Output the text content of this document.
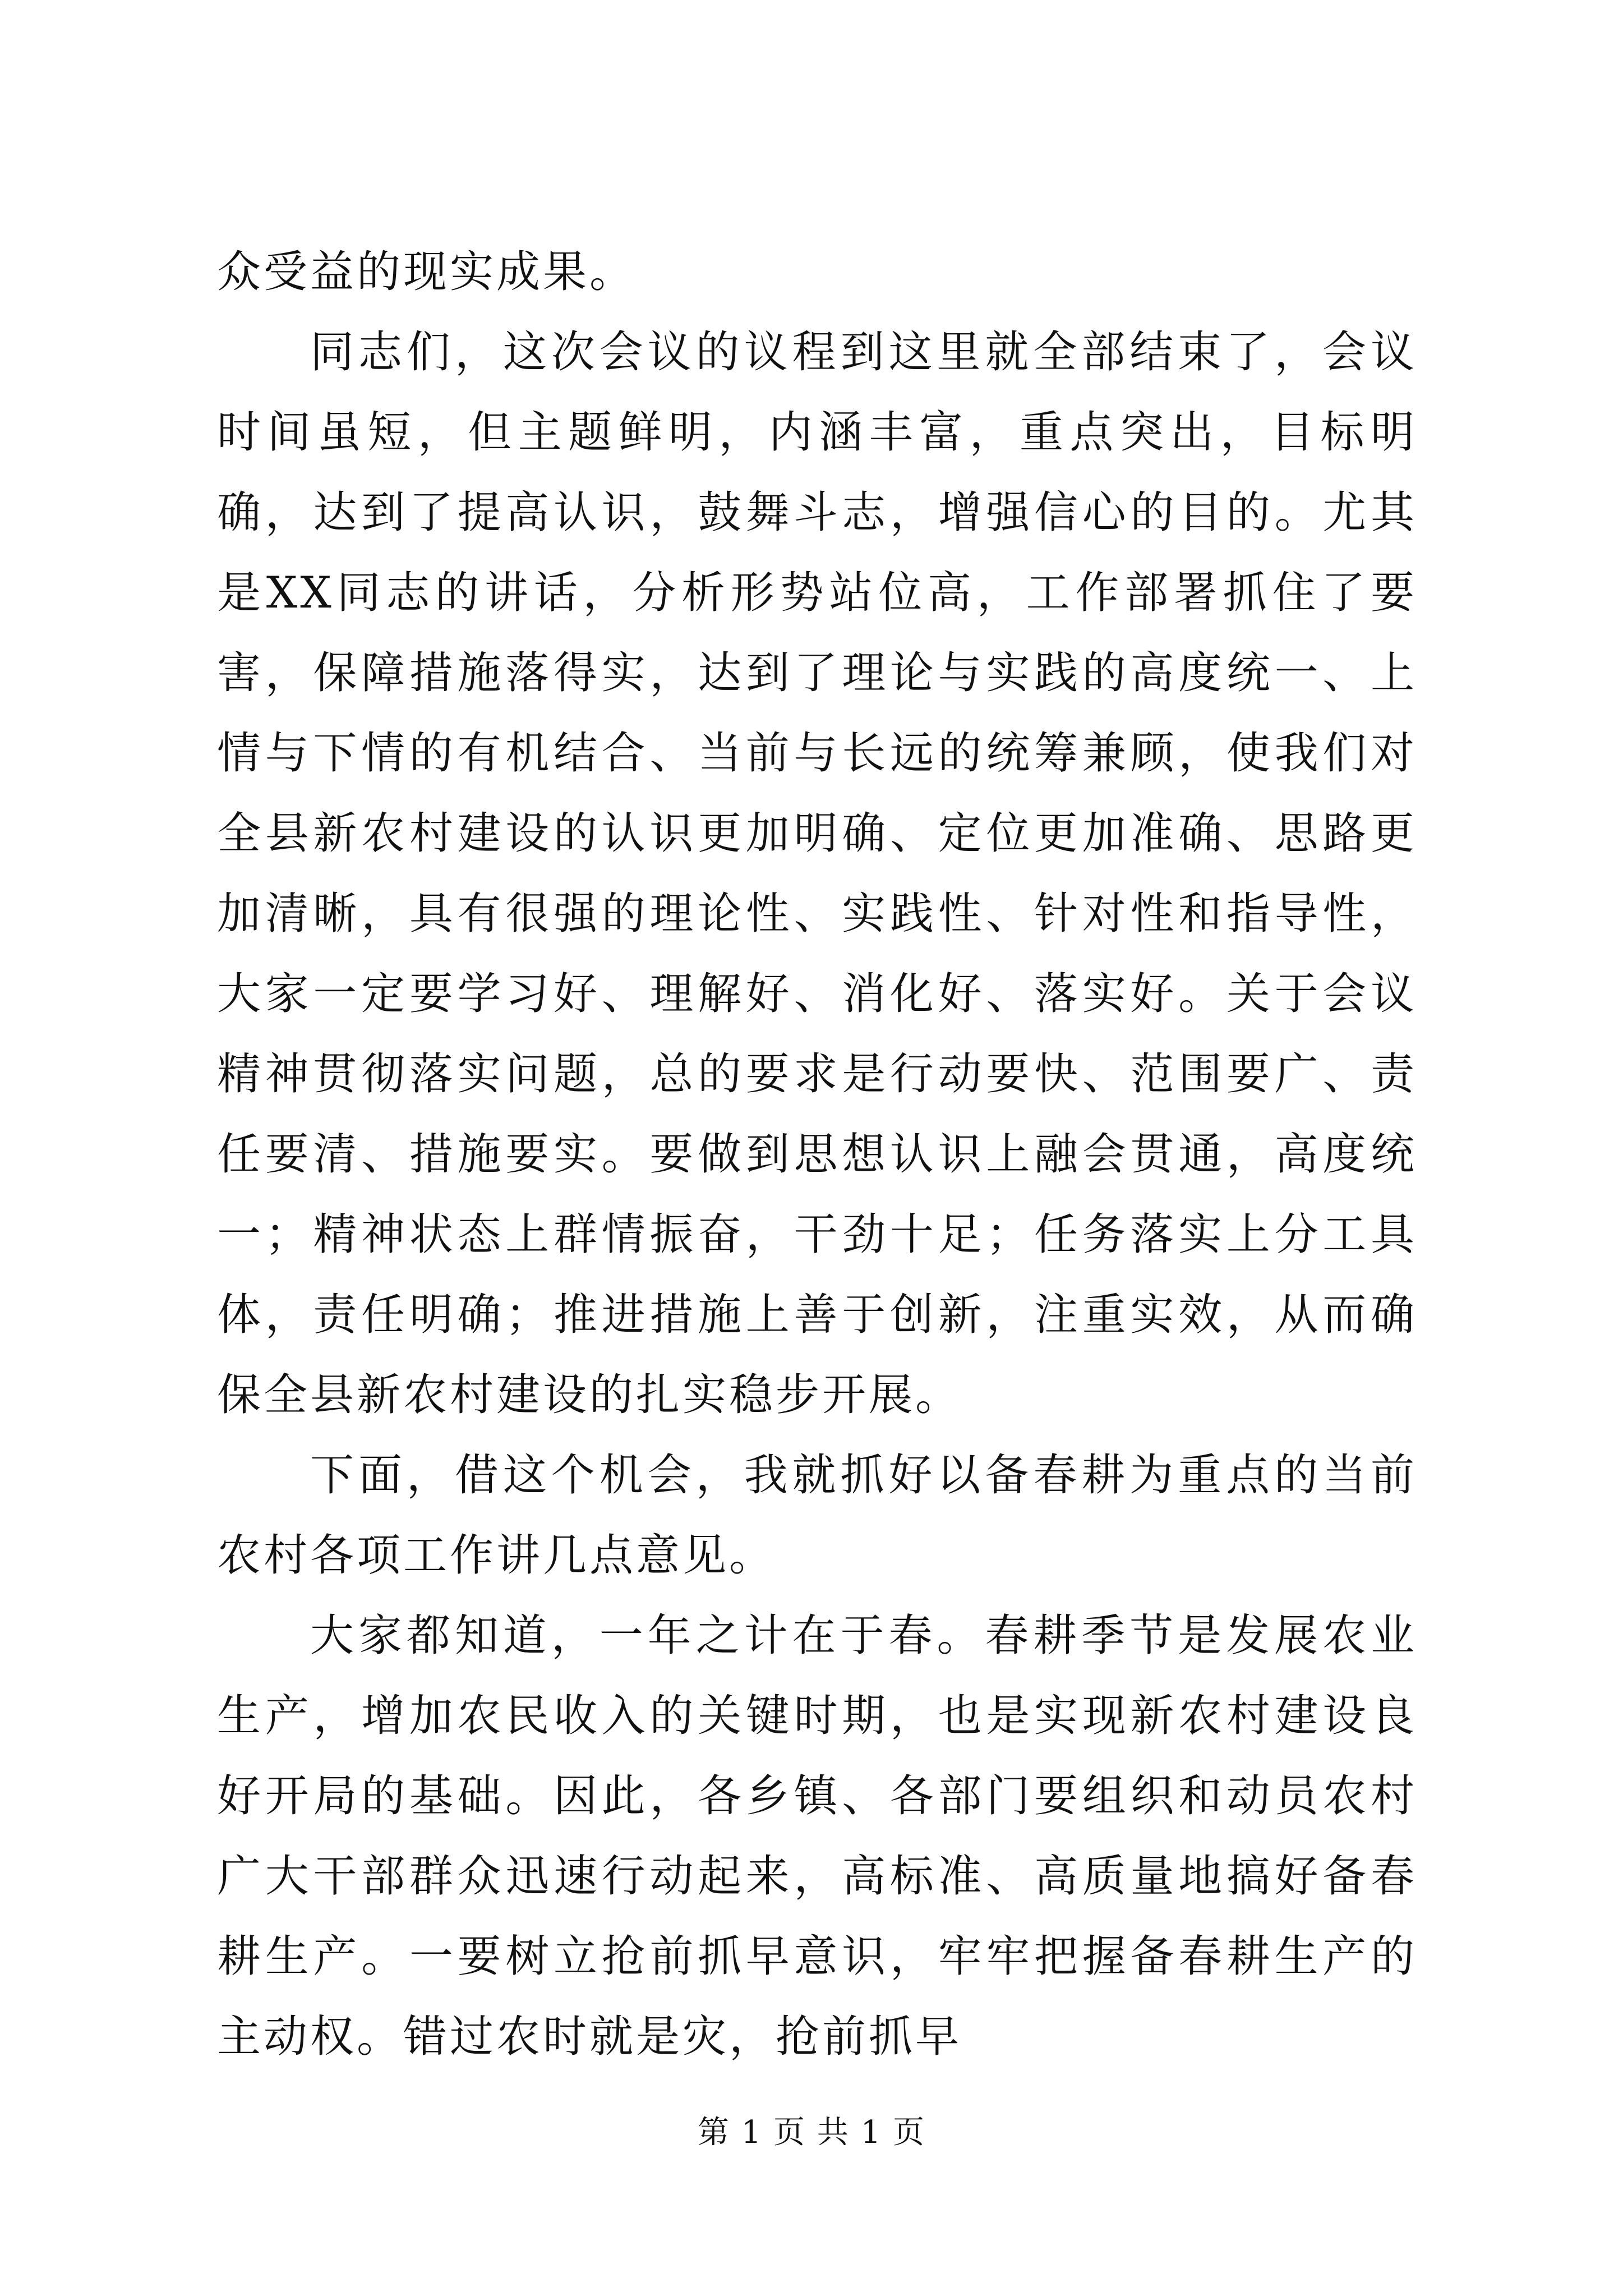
众受益的现实成果。

同志们，这次会议的议程到这里就全部结束了，会议时间虽短，但主题鲜明，内涵丰富，重点突出，目标明确，达到了提高认识，鼓舞斗志，增强信心的目的。尤其是XX同志的讲话，分析形势站位高，工作部署抓住了要害，保障措施落得实，达到了理论与实践的高度统一、上情与下情的有机结合、当前与长远的统筹兼顾，使我们对全县新农村建设的认识更加明确、定位更加准确、思路更加清晰，具有很强的理论性、实践性、针对性和指导性，大家一定要学习好、理解好、消化好、落实好。关于会议精神贯彻落实问题，总的要求是行动要快、范围要广、责任要清、措施要实。要做到思想认识上融会贯通，高度统一；精神状态上群情振奋，干劲十足；任务落实上分工具体，责任明确；推进措施上善于创新，注重实效，从而确保全县新农村建设的扎实稳步开展。

下面，借这个机会，我就抓好以备春耕为重点的当前农村各项工作讲几点意见。

大家都知道，一年之计在于春。春耕季节是发展农业生产，增加农民收入的关键时期，也是实现新农村建设良好开局的基础。因此，各乡镇、各部门要组织和动员农村广大干部群众迅速行动起来，高标准、高质量地搞好备春耕生产。一要树立抢前抓早意识，牢牢把握备春耕生产的主动权。错过农时就是灾，抢前抓早

第 1 页 共 1 页
